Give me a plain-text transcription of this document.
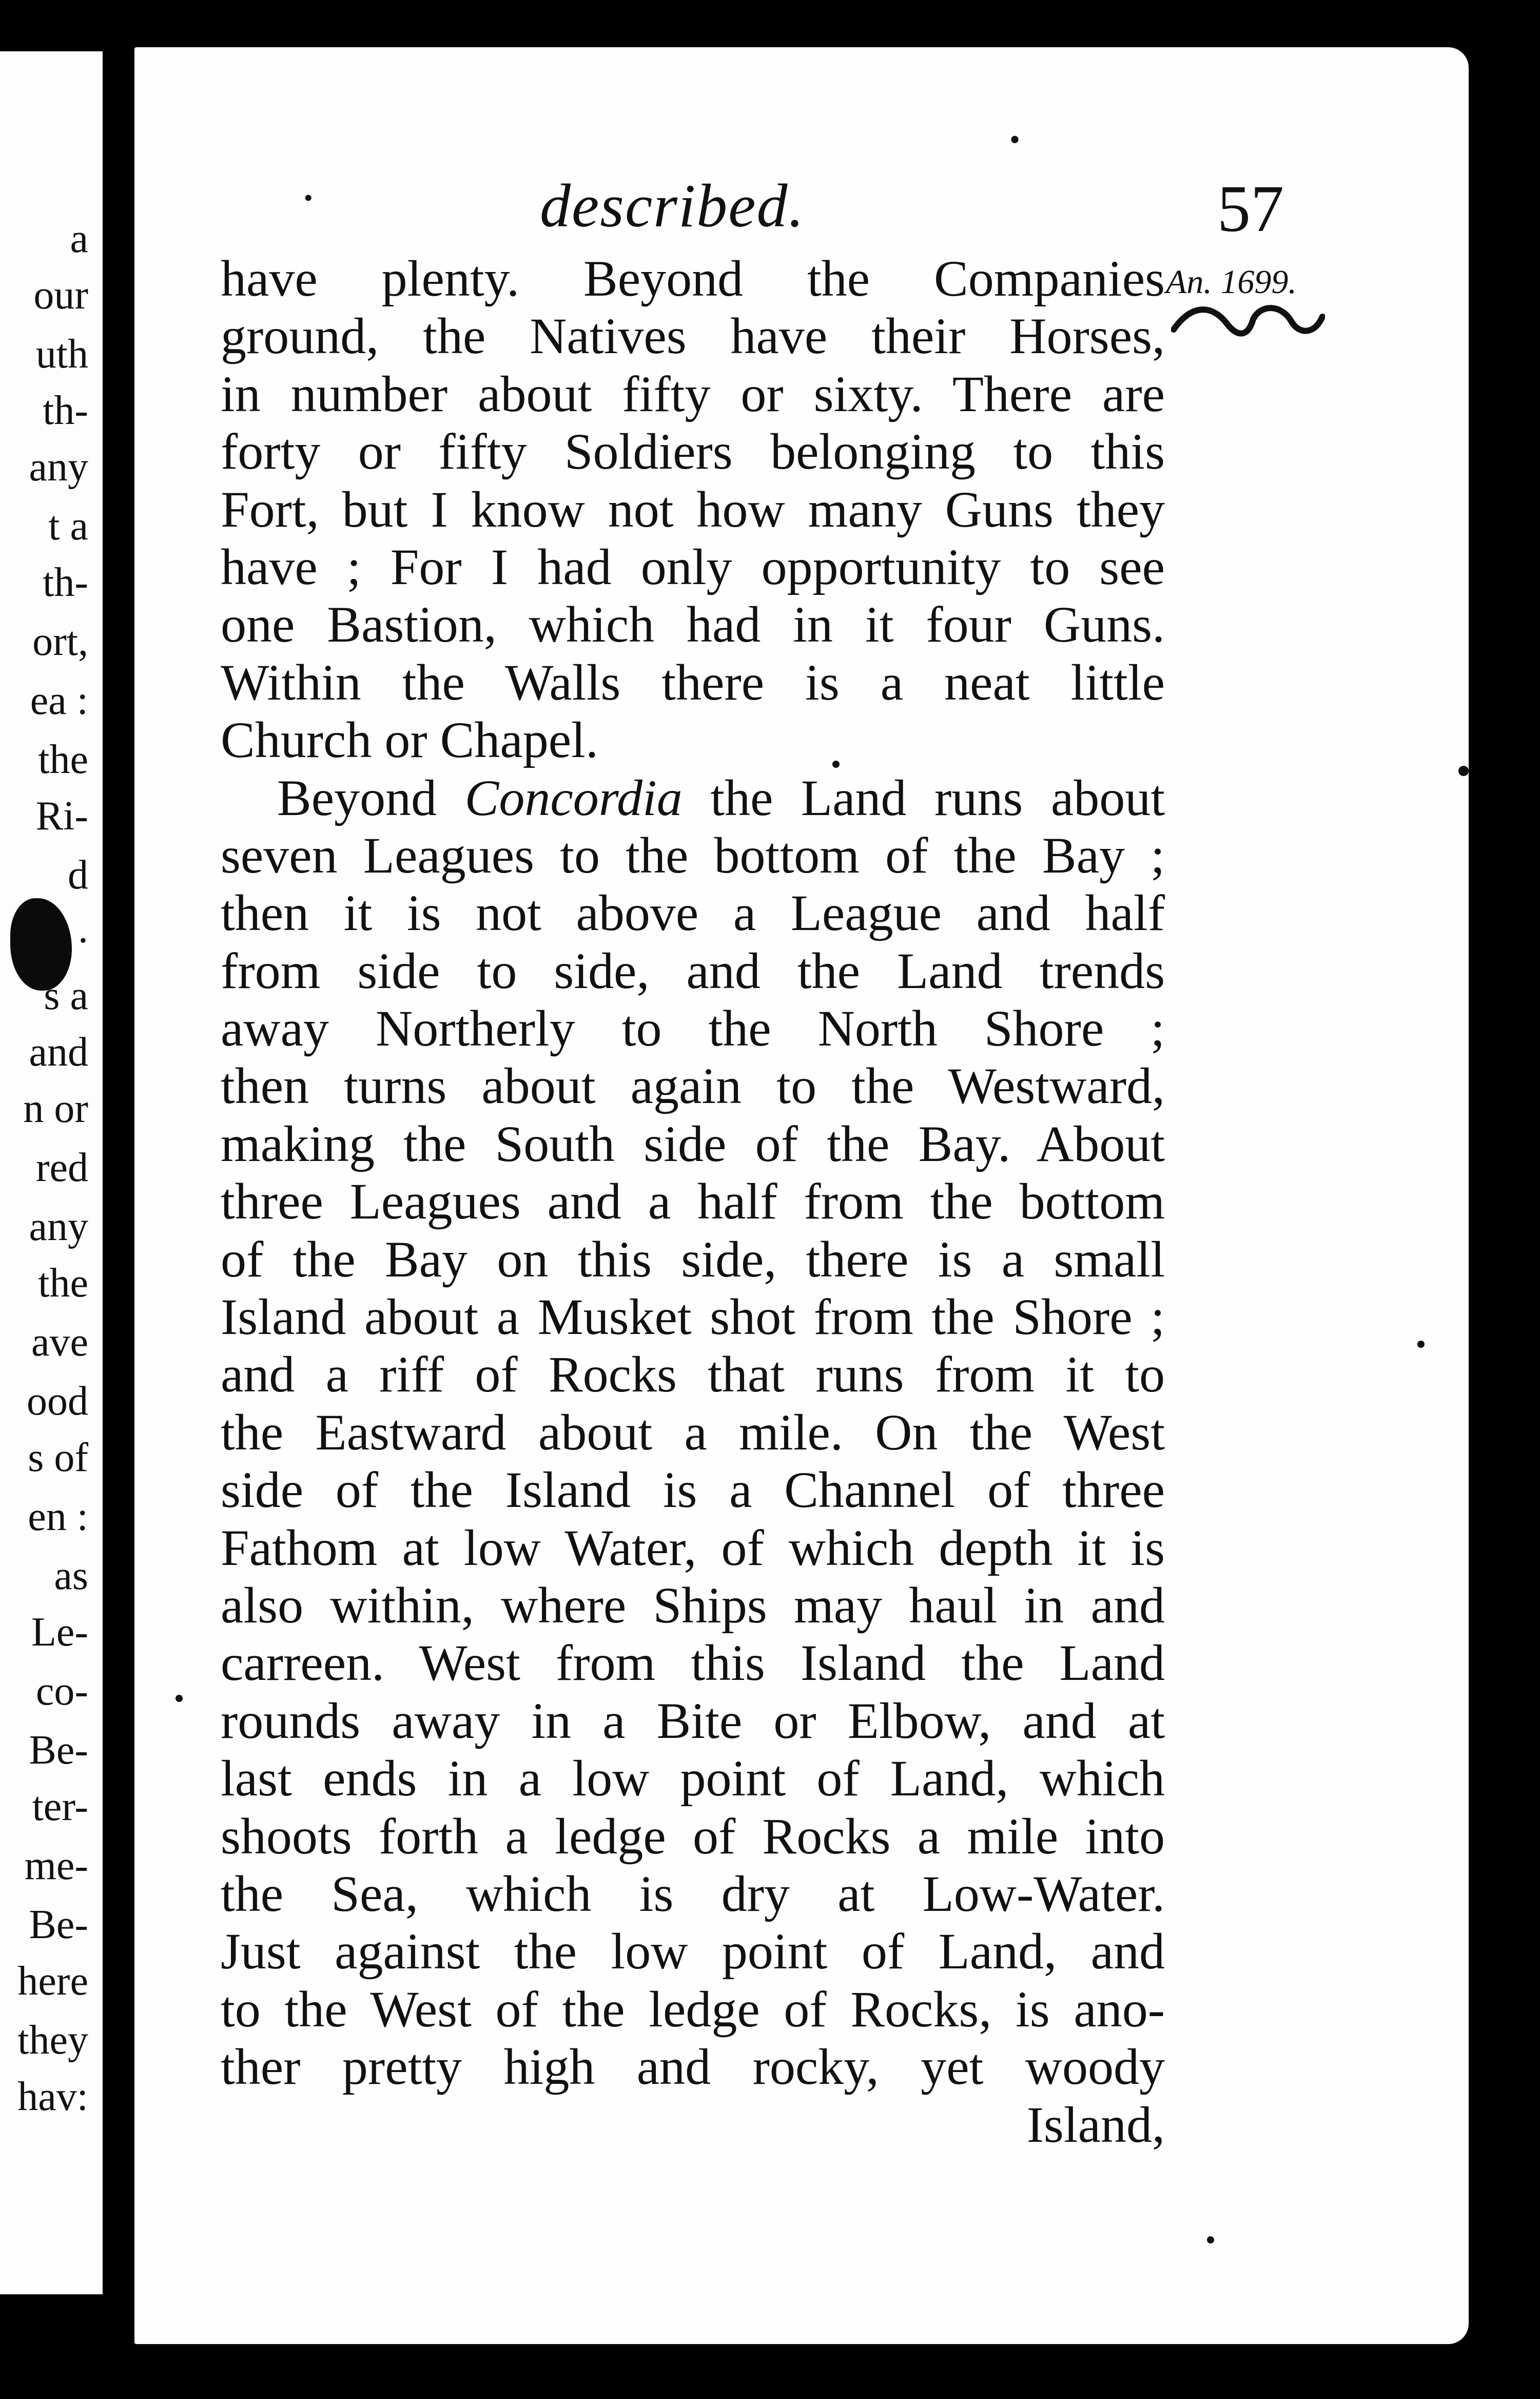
a
our
uth
th-
any
t a
th-
ort,
ea :
the
Ri-
d
.
s a
and
n or
red
any
the
ave
ood
s of
en :
as
Le-
co-
Be-
ter-
me-
Be-
here
they
hav:
•
•	described.	57
An. 1699.
have plenty. Beyond the Companies
ground, the Natives have their Horses,
in number about fifty or sixty. There are
forty or fifty Soldiers belonging to this
Fort, but I know not how many Guns they
have ; For I had only opportunity to see
one Bastion, which had in it four Guns.
Within the Walls there is a neat little
Church or Chapel.
Beyond Concordia the Land runs about
seven Leagues to the bottom of the Bay ;
then it is not above a League and half
from side to side, and the Land trends
away Northerly to the North Shore ;
then turns about again to the Westward,
making the South side of the Bay. About
three Leagues and a half from the bottom
of the Bay on this side, there is a small
Island about a Musket shot from the Shore ;
and a riff of Rocks that runs from it to
the Eastward about a mile. On the West
side of the Island is a Channel of three
Fathom at low Water, of which depth it is
also within, where Ships may haul in and
carreen. West from this Island the Land
rounds away in a Bite or Elbow, and at
last ends in a low point of Land, which
shoots forth a ledge of Rocks a mile into
the Sea, which is dry at Low-Water.
Just against the low point of Land, and
to the West of the ledge of Rocks, is ano-
ther pretty high and rocky, yet woody
Island,
